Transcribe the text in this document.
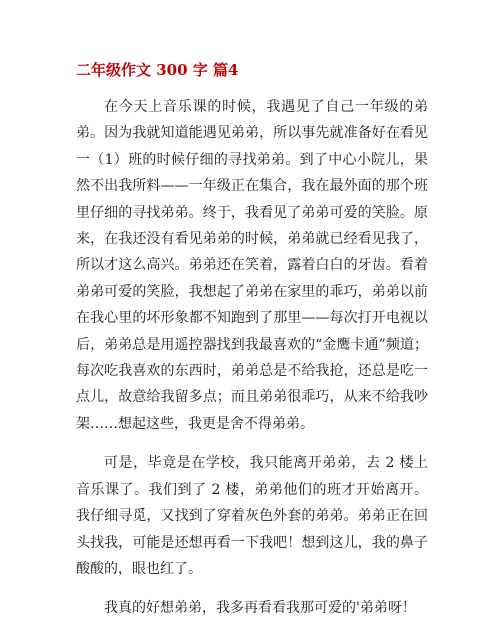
二年级作文 300 字 篇4

在今天上音乐课的时候，我遇见了自己一年级的弟弟。因为我就知道能遇见弟弟，所以事先就准备好在看见一（1）班的时候仔细的寻找弟弟。到了中心小院儿，果然不出我所料——一年级正在集合，我在最外面的那个班里仔细的寻找弟弟。终于，我看见了弟弟可爱的笑脸。原来，在我还没有看见弟弟的时候，弟弟就已经看见我了，所以才这么高兴。弟弟还在笑着，露着白白的牙齿。看着弟弟可爱的笑脸，我想起了弟弟在家里的乖巧，弟弟以前在我心里的坏形象都不知跑到了那里——每次打开电视以后，弟弟总是用遥控器找到我最喜欢的“金鹰卡通”频道；每次吃我喜欢的东西时，弟弟总是不给我抢，还总是吃一点儿，故意给我留多点；而且弟弟很乖巧，从来不给我吵架……想起这些，我更是舍不得弟弟。

可是，毕竟是在学校，我只能离开弟弟，去 2 楼上音乐课了。我们到了 2 楼，弟弟他们的班才开始离开。我仔细寻觅，又找到了穿着灰色外套的弟弟。弟弟正在回头找我，可能是还想再看一下我吧！想到这儿，我的鼻子酸酸的，眼也红了。

我真的好想弟弟，我多再看看我那可爱的'弟弟呀！
